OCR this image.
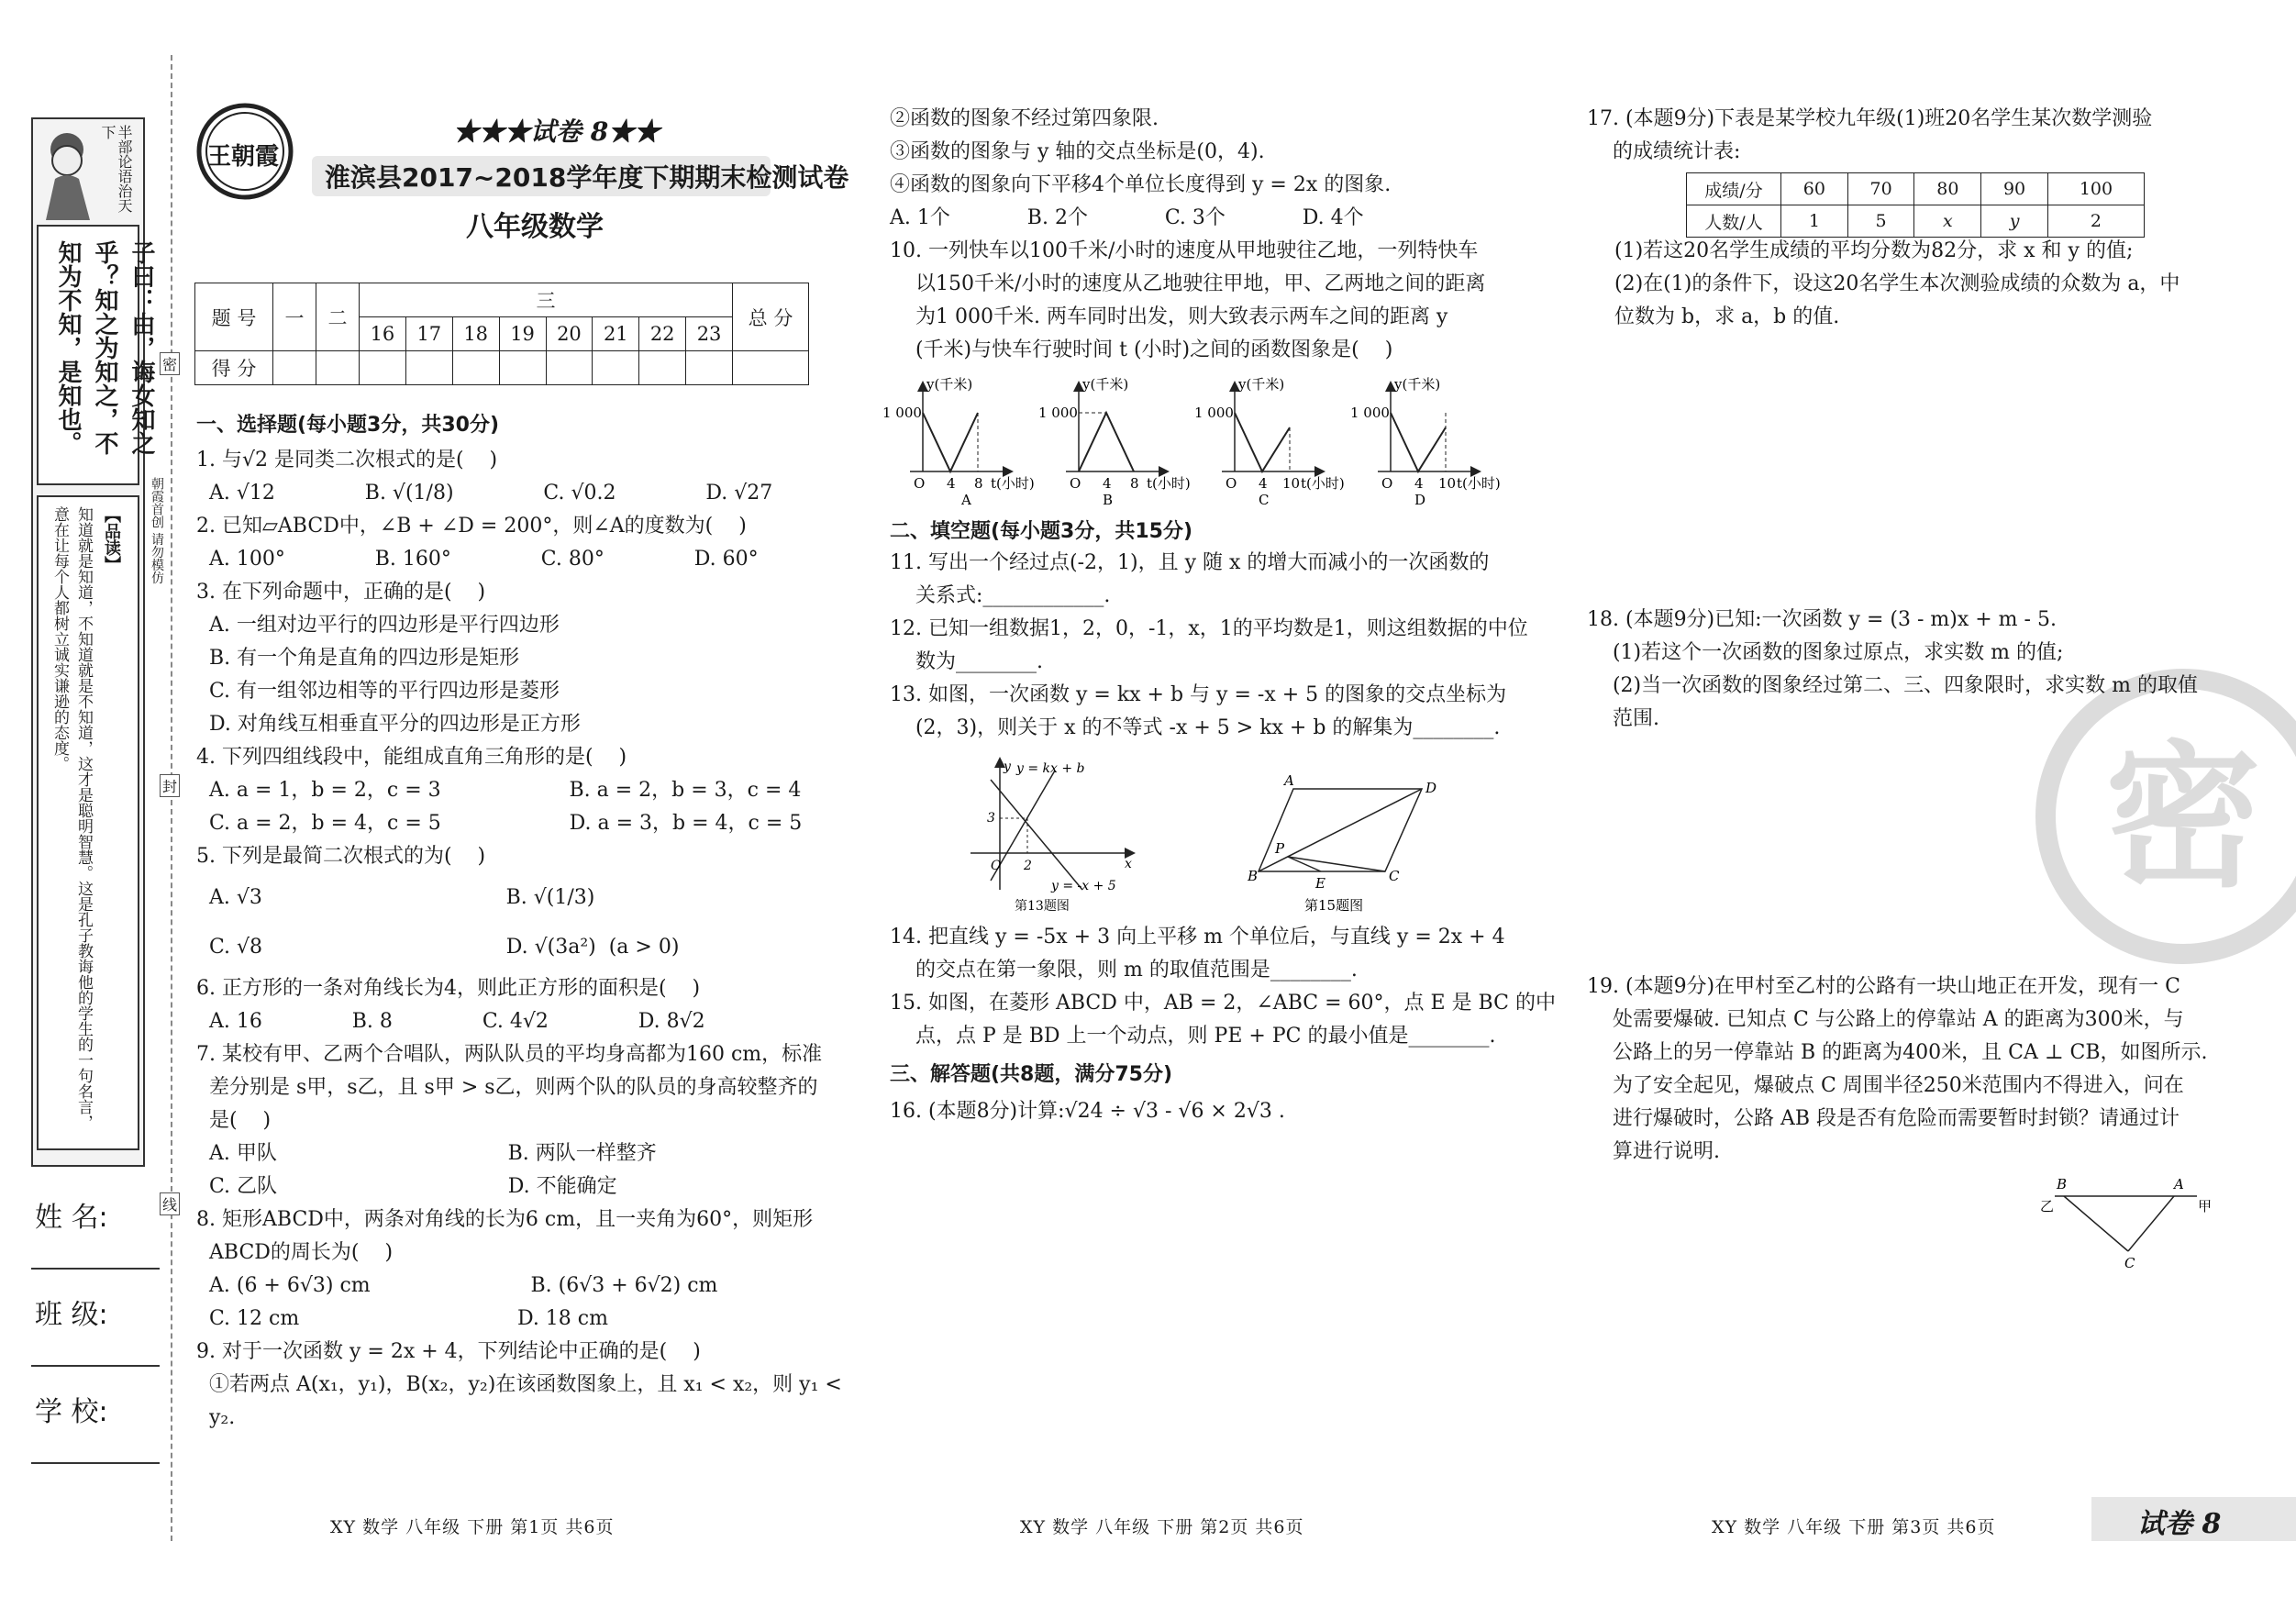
半部论语治天下
子曰：由，诲女知之乎？知之为知之，不知为不知，是知也。
【品读】
知道就是知道，不知道就是不知道，这才是聪明智慧。这是孔子教诲他的学生的一句名言，意在让每个人都树立诚实谦逊的态度。
密
封
线
朝霞首创 请勿模仿
姓 名:
班 级:
学 校:
王朝霞
★★★试卷 8★★
淮滨县2017~2018学年度下期期末检测试卷
八年级数学
题 号	一	二	三								总 分
			16	17	18	19	20	21	22	23	
得 分											
一、选择题(每小题3分，共30分)
1. 与√2 是同类二次根式的是(    )
A. √12              B. √(1/8)              C. √0.2              D. √27
2. 已知▱ABCD中，∠B + ∠D = 200°，则∠A的度数为(    )
A. 100°              B. 160°              C. 80°              D. 60°
3. 在下列命题中，正确的是(    )
A. 一组对边平行的四边形是平行四边形
B. 有一个角是直角的四边形是矩形
C. 有一组邻边相等的平行四边形是菱形
D. 对角线互相垂直平分的四边形是正方形
4. 下列四组线段中，能组成直角三角形的是(    )
A. a = 1，b = 2，c = 3                    B. a = 2，b = 3，c = 4
C. a = 2，b = 4，c = 5                    D. a = 3，b = 4，c = 5
5. 下列是最简二次根式的为(    )
A. √3                                      B. √(1/3)
C. √8                                      D. √(3a²)  (a > 0)
6. 正方形的一条对角线长为4，则此正方形的面积是(    )
A. 16              B. 8              C. 4√2              D. 8√2
7. 某校有甲、乙两个合唱队，两队队员的平均身高都为160 cm，标准
差分别是 s甲，s乙，且 s甲 > s乙，则两个队的队员的身高较整齐的
是(    )
A. 甲队                                    B. 两队一样整齐
C. 乙队                                    D. 不能确定
8. 矩形ABCD中，两条对角线的长为6 cm，且一夹角为60°，则矩形
ABCD的周长为(    )
A. (6 + 6√3) cm                         B. (6√3 + 6√2) cm
C. 12 cm                                  D. 18 cm
9. 对于一次函数 y = 2x + 4，下列结论中正确的是(    )
①若两点 A(x₁，y₁)，B(x₂，y₂)在该函数图象上，且 x₁ < x₂，则 y₁ <
y₂.
②函数的图象不经过第四象限.
③函数的图象与 y 轴的交点坐标是(0，4).
④函数的图象向下平移4个单位长度得到 y = 2x 的图象.
A. 1个            B. 2个            C. 3个            D. 4个
10. 一列快车以100千米/小时的速度从甲地驶往乙地，一列特快车
以150千米/小时的速度从乙地驶往甲地，甲、乙两地之间的距离
为1 000千米. 两车同时出发，则大致表示两车之间的距离 y
(千米)与快车行驶时间 t (小时)之间的函数图象是(    )
y(千米)
1 000
O 4 8 t(小时)
A
y(千米)
1 000
O 4 8 t(小时)
B
y(千米)
1 000
O 4 10 t(小时)
C
y(千米)
1 000
O 4 10 t(小时)
D
二、填空题(每小题3分，共15分)
11. 写出一个经过点(-2，1)，且 y 随 x 的增大而减小的一次函数的
关系式:____________.
12. 已知一组数据1，2，0，-1，x，1的平均数是1，则这组数据的中位
数为________.
13. 如图，一次函数 y = kx + b 与 y = -x + 5 的图象的交点坐标为
(2，3)，则关于 x 的不等式 -x + 5 > kx + b 的解集为________.
y
x
y = kx + b
y = -x + 5
3
O 2
第13题图
A	D
B	C
E
P
第15题图
14. 把直线 y = -5x + 3 向上平移 m 个单位后，与直线 y = 2x + 4
的交点在第一象限，则 m 的取值范围是________.
15. 如图，在菱形 ABCD 中，AB = 2，∠ABC = 60°，点 E 是 BC 的中
点，点 P 是 BD 上一个动点，则 PE + PC 的最小值是________.
三、解答题(共8题，满分75分)
16. (本题8分)计算:√24 ÷ √3 - √6 × 2√3 .
17. (本题9分)下表是某学校九年级(1)班20名学生某次数学测验
的成绩统计表:
成绩/分	60	70	80	90	100
人数/人	1	5	x	y	2
(1)若这20名学生成绩的平均分数为82分，求 x 和 y 的值;
(2)在(1)的条件下，设这20名学生本次测验成绩的众数为 a，中
位数为 b，求 a，b 的值.
密
18. (本题9分)已知:一次函数 y = (3 - m)x + m - 5.
(1)若这个一次函数的图象过原点，求实数 m 的值;
(2)当一次函数的图象经过第二、三、四象限时，求实数 m 的取值
范围.
19. (本题9分)在甲村至乙村的公路有一块山地正在开发，现有一 C
处需要爆破. 已知点 C 与公路上的停靠站 A 的距离为300米，与
公路上的另一停靠站 B 的距离为400米，且 CA ⊥ CB，如图所示.
为了安全起见，爆破点 C 周围半径250米范围内不得进入，问在
进行爆破时，公路 AB 段是否有危险而需要暂时封锁？请通过计
算进行说明.
B	A
C
乙	甲
XY 数学 八年级 下册 第1页 共6页	XY 数学 八年级 下册 第2页 共6页	XY 数学 八年级 下册 第3页 共6页	试卷 8
